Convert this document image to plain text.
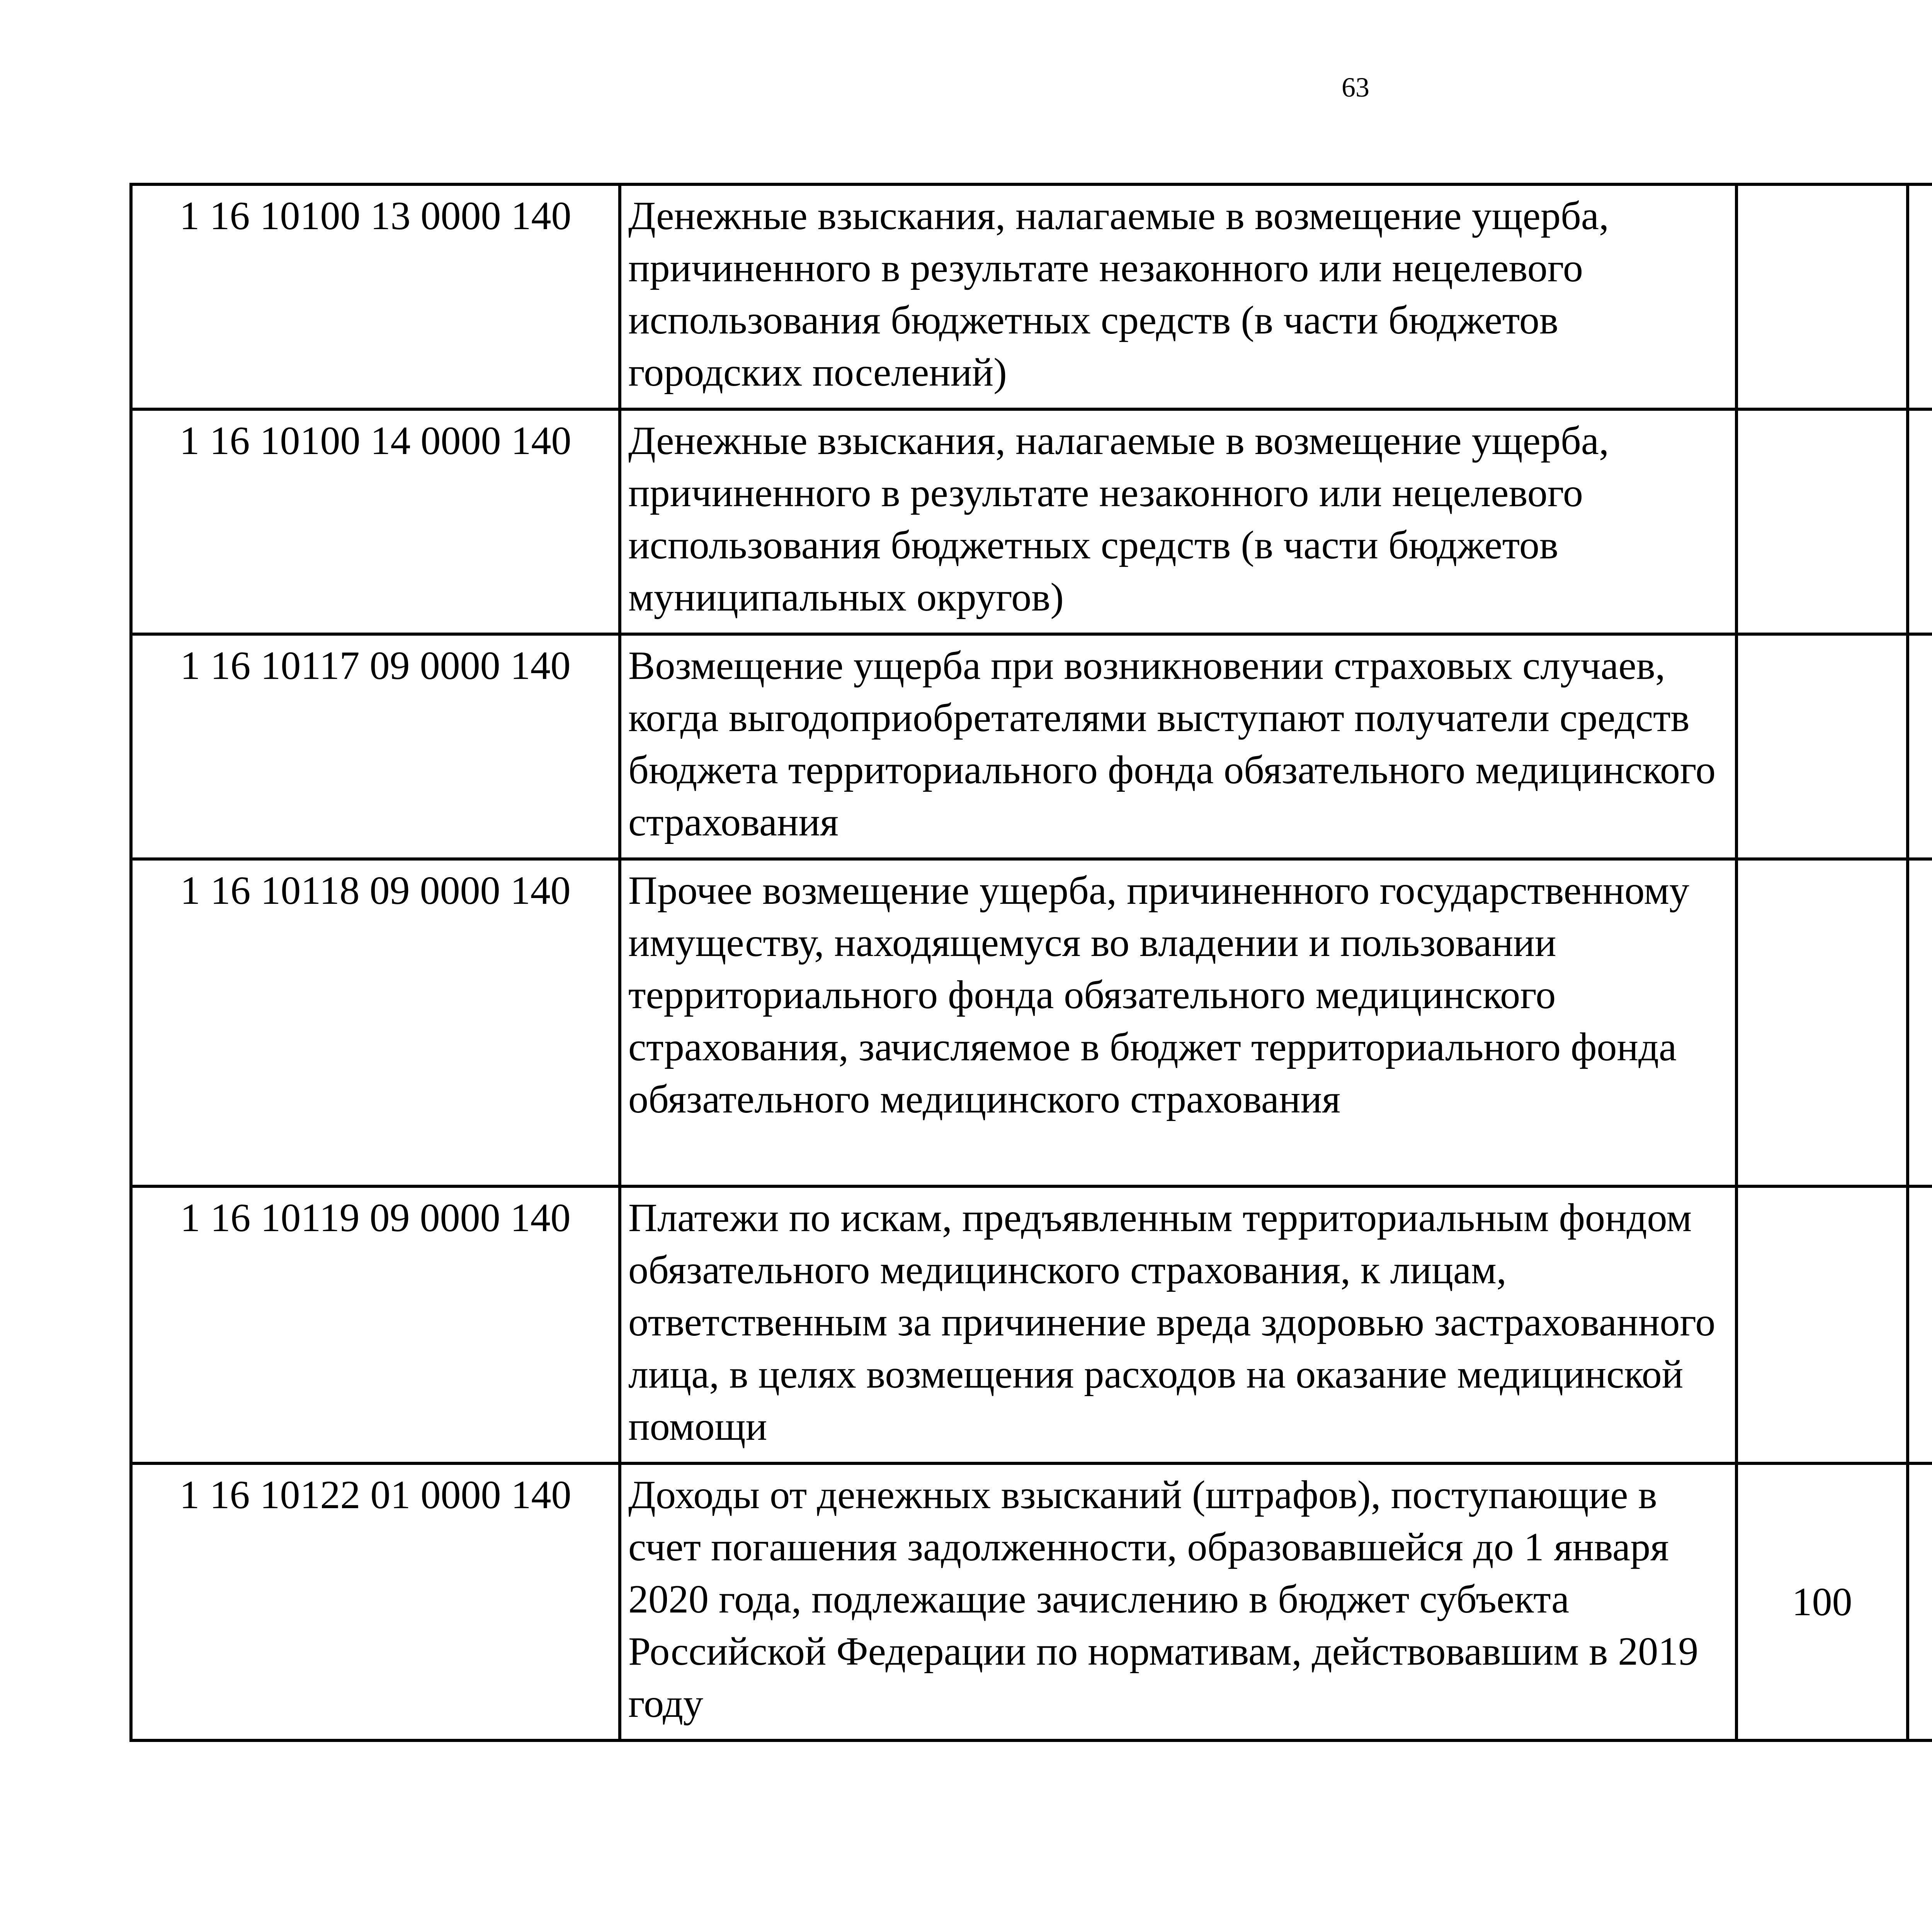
63
1 16 10100 13 0000 140	Денежные взыскания, налагаемые в возмещение ущерба, причиненного в результате незаконного или нецелевого использования бюджетных средств (в части бюджетов городских поселений)					
1 16 10100 14 0000 140	Денежные взыскания, налагаемые в возмещение ущерба, причиненного в результате незаконного или нецелевого использования бюджетных средств (в части бюджетов муниципальных округов)					
1 16 10117 09 0000 140	Возмещение ущерба при возникновении страховых случаев, когда выгодоприобретателями выступают получатели средств бюджета территориального фонда обязательного медицинского страхования					
1 16 10118 09 0000 140	Прочее возмещение ущерба, причиненного государственному имуществу, находящемуся во владении и пользовании территориального фонда обязательного медицинского страхования, зачисляемое в бюджет территориального фонда обязательного медицинского страхования					
1 16 10119 09 0000 140	Платежи по искам, предъявленным территориальным фондом обязательного медицинского страхования, к лицам, ответственным за причинение вреда здоровью застрахованного лица, в целях возмещения расходов на оказание медицинской помощи					
1 16 10122 01 0000 140	Доходы от денежных взысканий (штрафов), поступающие в счет погашения задолженности, образовавшейся до 1 января 2020 года, подлежащие зачислению в бюджет субъекта Российской Федерации по нормативам, действовавшим в 2019 году	100				
